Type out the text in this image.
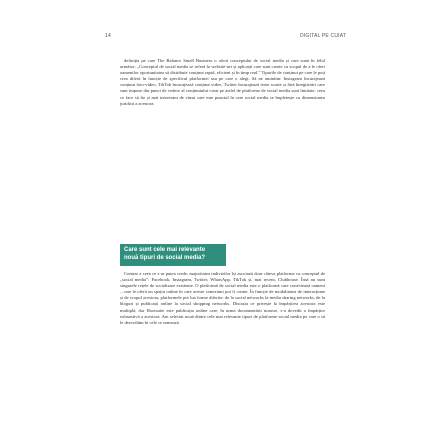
14	DIGITAL PE CUIAT

definiția pe care The Balance Small Business o oferă conceptului de social media și care sună în felul următor: „Conceptul de social media se referă la website-uri și aplicații care sunt create cu scopul de a le oferi oamenilor oportunitatea să distribuie conținut rapid, eficient și în timp real.” Tipurile de conținut pe care le poți crea diferă în funcție de specificul platformei sau pe care o alegi. Să ne amintim: Instagram încurajează conținut foto-video, TikTok încurajează conținut video, Twitter încurajează texte scurte și fără înregistrări care sunt impuse din punct de vedere al conținutului creat pe astfel de platforme de social media sunt limitate, ceea ce face să fie și mai interesant de văzut care este punctul în care social media se împletește cu dimensiunea juridică a acestora.

Care sunt cele mai relevante
nouă tipuri de social media?

Contrar a ceea ce s-ar putea crede, majoritatea indivizilor își asociază doar câteva platforme cu conceptul de „social media”: Facebook, Instagram, Twitter, WhatsApp, TikTok și, mai recent, Clubhouse. Însă nu sunt singurele rețele de socializare existente. O platformă de social media este o platformă care conectează oameni – care le oferă un spațiu online în care aceste conexiuni pot fi create. În funcție de modalitatea de interacțiune și de scopul acestora, platformele pot lua forme diferite: de la social networks la media sharing networks, de la bloguri și publicații online la social shopping networks. Discuția ce privește la împărțirea acestora este multiplă, dar Hootsuite este publicația online care, în urma documentării noastre, s-a dovedit o împărțire exhaustivă a acestora. Am selectat nouă dintre cele mai relevante tipuri de platforme social media pe care o să le dezvoltăm în cele ce urmează.
